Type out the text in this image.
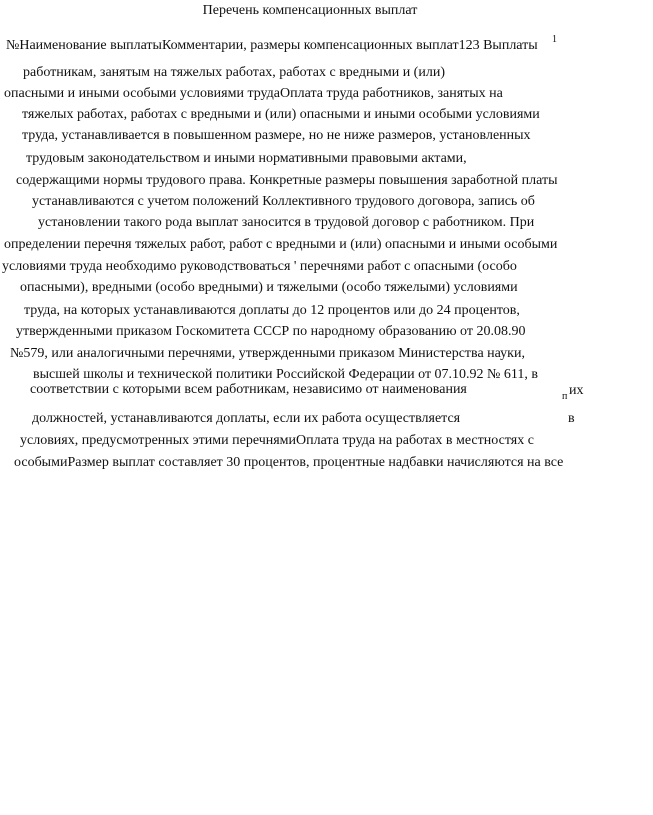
Перечень компенсационных выплат
№Наименование выплатыКомментарии, размеры компенсационных выплат123 Выплаты 1
работникам, занятым на тяжелых работах, работах с вредными и (или)
опасными и иными особыми условиями трудаОплата труда работников, занятых на
тяжелых работах, работах с вредными и (или) опасными и иными особыми условиями
труда, устанавливается в повышенном размере, но не ниже размеров, установленных
трудовым законодательством и иными нормативными правовыми актами,
содержащими нормы трудового права. Конкретные размеры повышения заработной платы
устанавливаются с учетом положений Коллективного трудового договора, запись об
установлении такого рода выплат заносится в трудовой договор с работником. При
определении перечня тяжелых работ, работ с вредными и (или) опасными и иными особыми
условиями труда необходимо руководствоваться ' перечнями работ с опасными (особо
опасными), вредными (особо вредными) и тяжелыми (особо тяжелыми) условиями
труда, на которых устанавливаются доплаты до 12 процентов или до 24 процентов,
утвержденными приказом Госкомитета СССР по народному образованию от 20.08.90
№579, или аналогичными перечнями, утвержденными приказом Министерства науки,
высшей школы и технической политики Российской Федерации от 07.10.92 № 611, в
соответствии с которыми всем работникам, независимо от наименования	их
п
должностей, устанавливаются доплаты, если их работа осуществляется	в
условиях, предусмотренных этими перечнямиОплата труда на работах в местностях с
особымиРазмер выплат составляет 30 процентов, процентные надбавки начисляются на все
